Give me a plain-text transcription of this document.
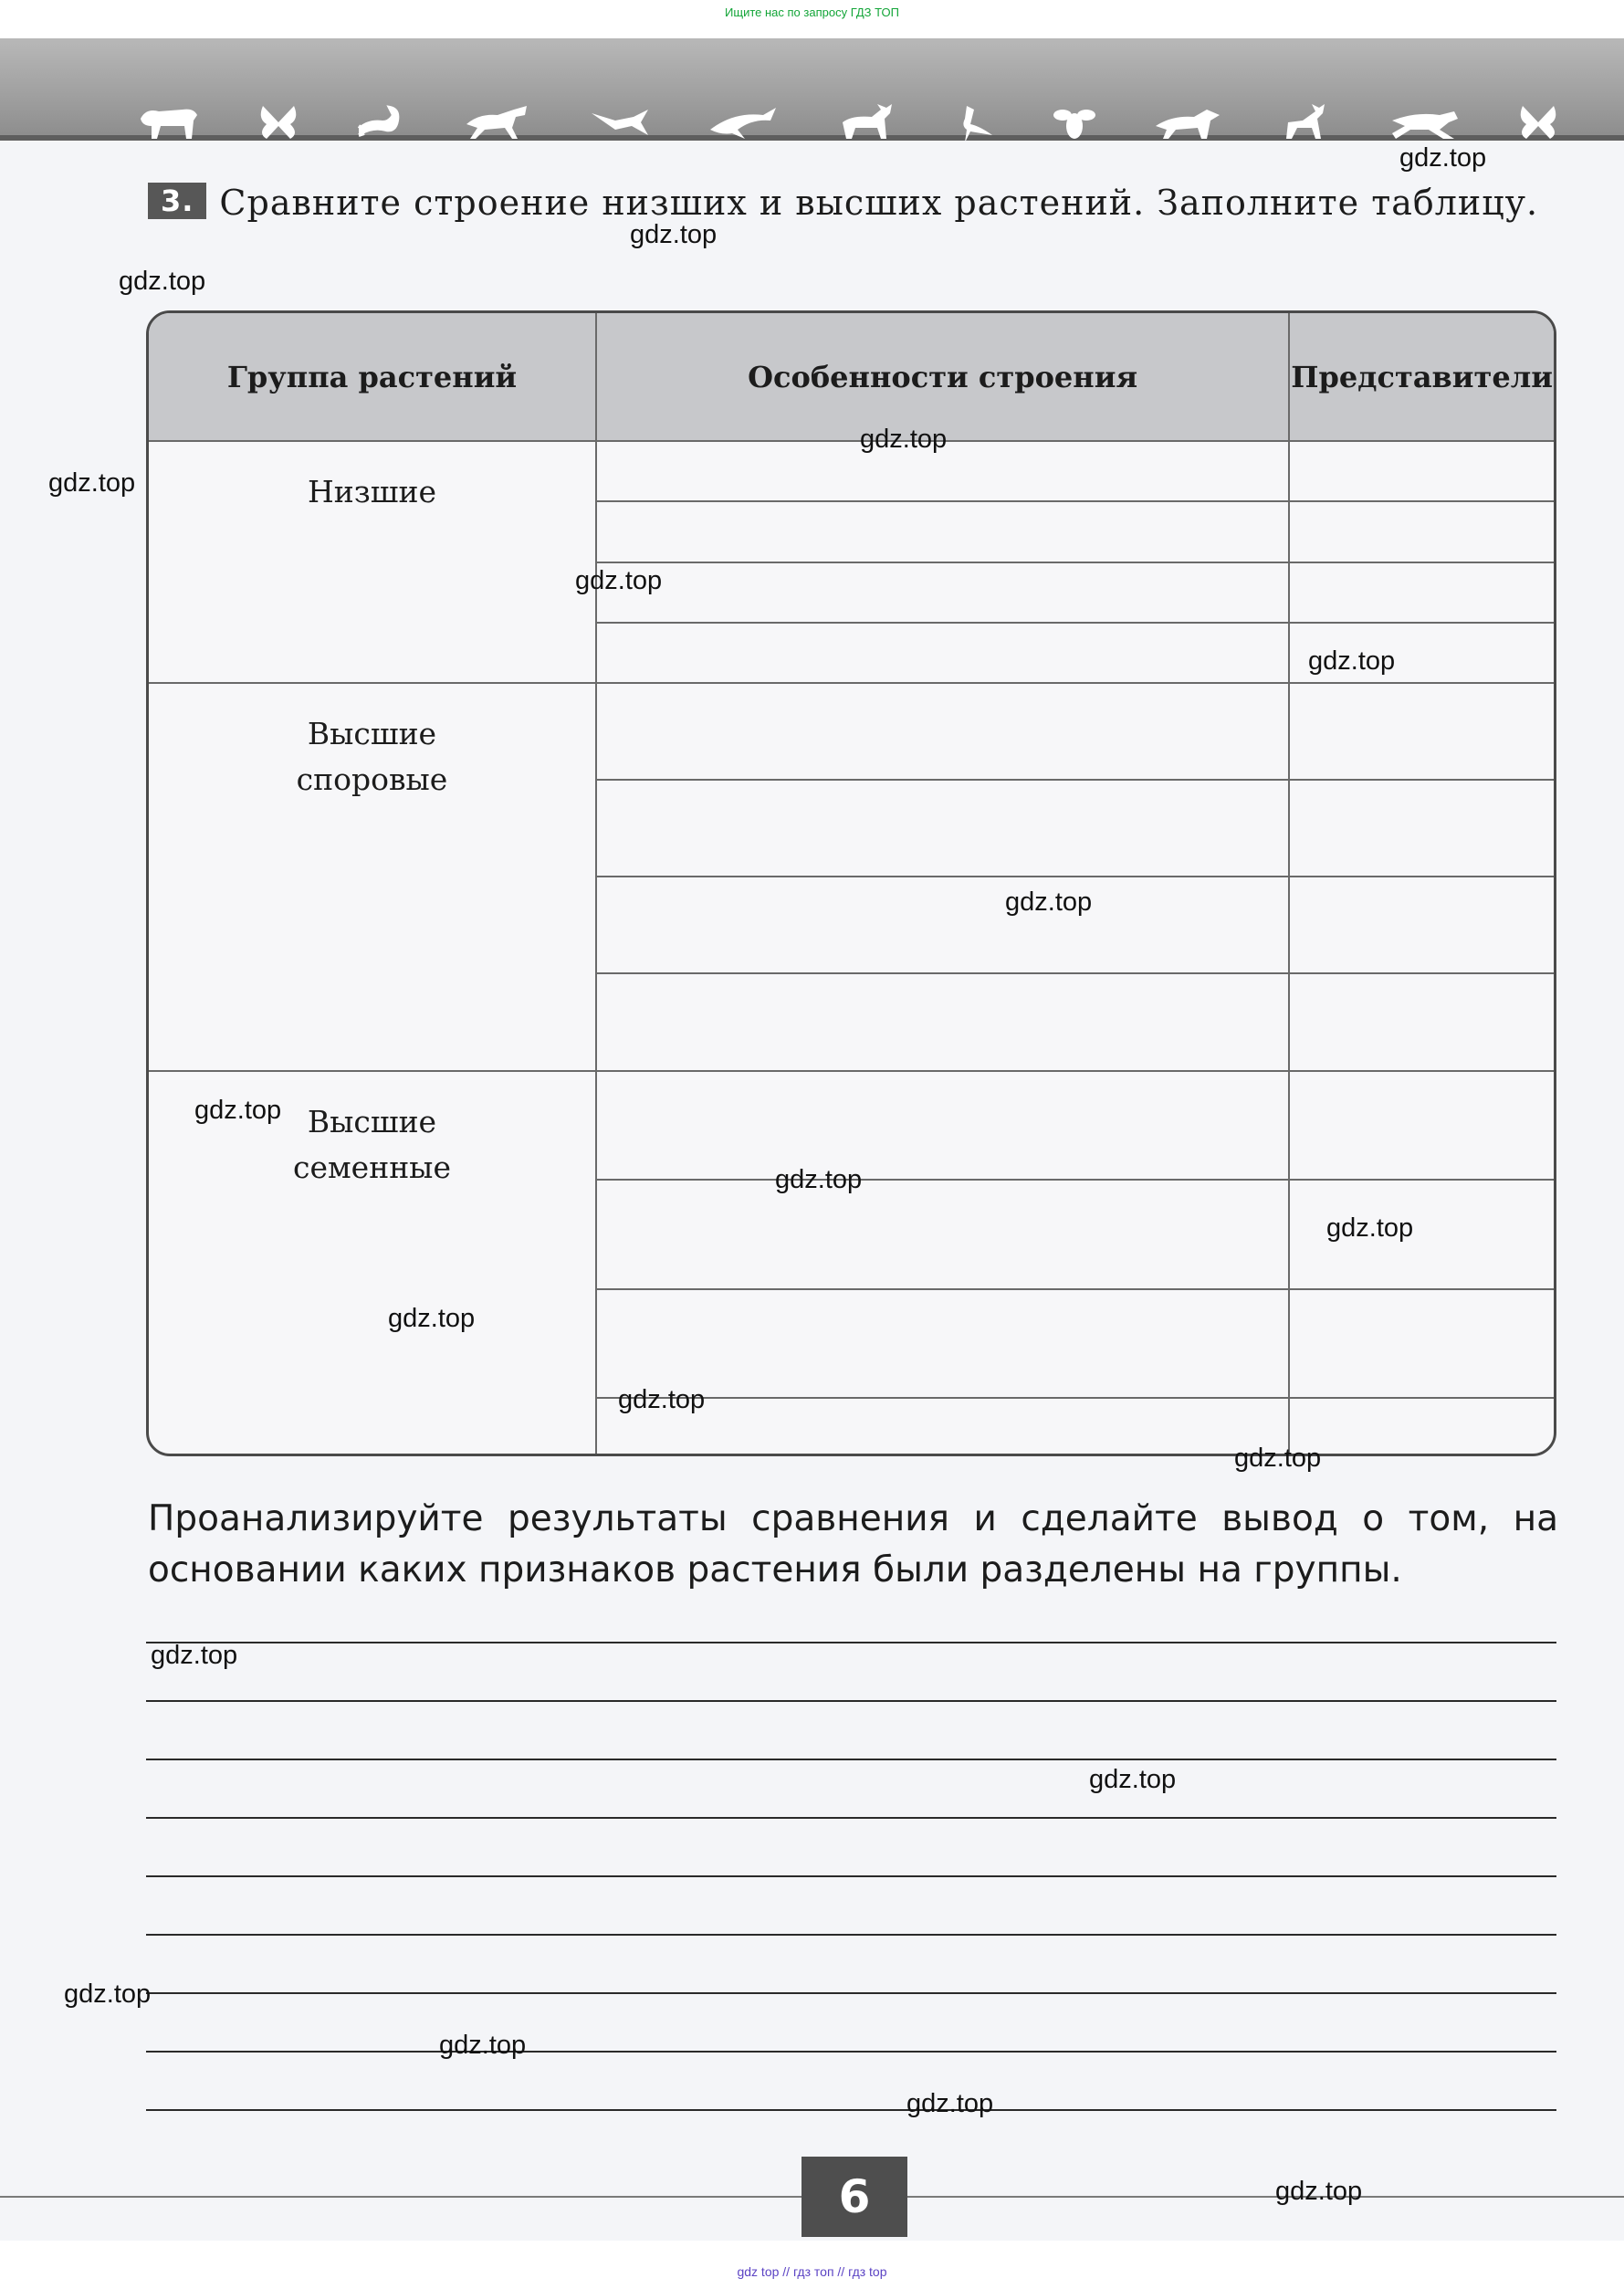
Ищите нас по запросу ГДЗ ТОП
3. Сравните строение низших и высших растений. Заполните таблицу.
Группа растений	Особенности строения	Представители

Низшие		

Высшие
споровые		

Высшие
семенные		

Проанализируйте результаты сравнения и сделайте вывод о том, на основании каких признаков растения были разделены на группы.
6
gdz.top
gdz.top
gdz.top
gdz.top
gdz.top
gdz.top
gdz.top
gdz.top
gdz.top
gdz.top
gdz.top
gdz.top
gdz.top
gdz.top
gdz.top
gdz.top
gdz.top
gdz.top
gdz.top
gdz.top
gdz top // гдз топ // гдз top
